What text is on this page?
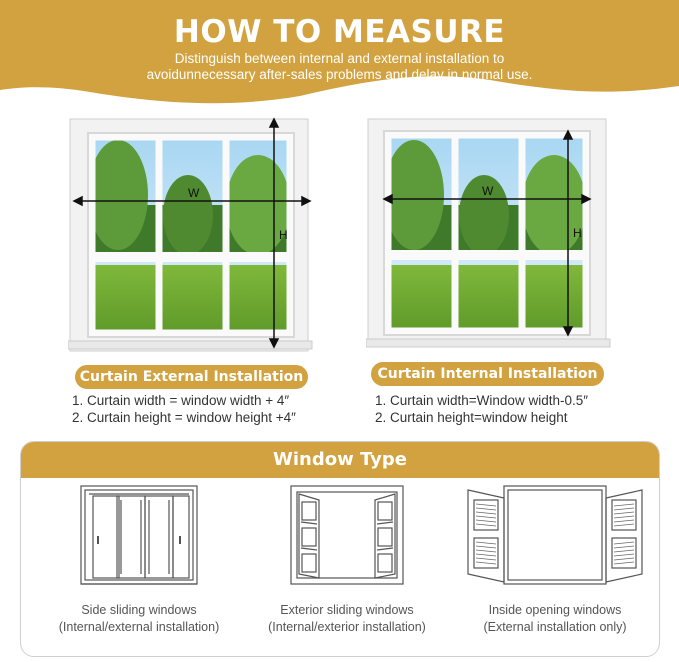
HOW TO MEASURE
Distinguish between internal and external installation to
avoidunnecessary after-sales problems and delay in normal use.
W
H
W
H
Curtain External Installation
1. Curtain width = window width + 4″
2. Curtain height = window height +4″
Curtain Internal Installation
1. Curtain width=Window width-0.5″
2. Curtain height=window height
Window Type
Side sliding windows
(Internal/external installation)
Exterior sliding windows
(Internal/exterior installation)
Inside opening windows
(External installation only)
